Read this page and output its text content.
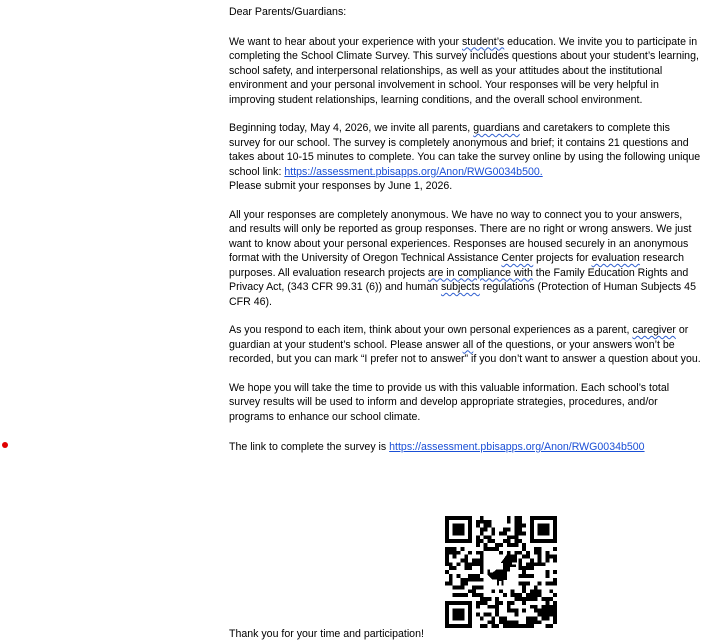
Dear Parents/Guardians:

We want to hear about your experience with your student’s education. We invite you to participate in completing the School Climate Survey. This survey includes questions about your student’s learning, school safety, and interpersonal relationships, as well as your attitudes about the institutional environment and your personal involvement in school. Your responses will be very helpful in improving student relationships, learning conditions, and the overall school environment.

Beginning today, May 4, 2026, we invite all parents, guardians and caretakers to complete this survey for our school. The survey is completely anonymous and brief; it contains 21 questions and takes about 10-15 minutes to complete. You can take the survey online by using the following unique school link: https://assessment.pbisapps.org/Anon/RWG0034b500.
Please submit your responses by June 1, 2026.

All your responses are completely anonymous. We have no way to connect you to your answers, and results will only be reported as group responses. There are no right or wrong answers. We just want to know about your personal experiences. Responses are housed securely in an anonymous format with the University of Oregon Technical Assistance Center projects for evaluation research purposes. All evaluation research projects are in compliance with the Family Education Rights and Privacy Act, (343 CFR 99.31 (6)) and human subjects regulations (Protection of Human Subjects 45 CFR 46).

As you respond to each item, think about your own personal experiences as a parent, caregiver or guardian at your student’s school. Please answer all of the questions, or your answers won’t be recorded, but you can mark “I prefer not to answer” if you don’t want to answer a question about you.

We hope you will take the time to provide us with this valuable information. Each school’s total survey results will be used to inform and develop appropriate strategies, procedures, and/or programs to enhance our school climate.

The link to complete the survey is https://assessment.pbisapps.org/Anon/RWG0034b500

Thank you for your time and participation!
